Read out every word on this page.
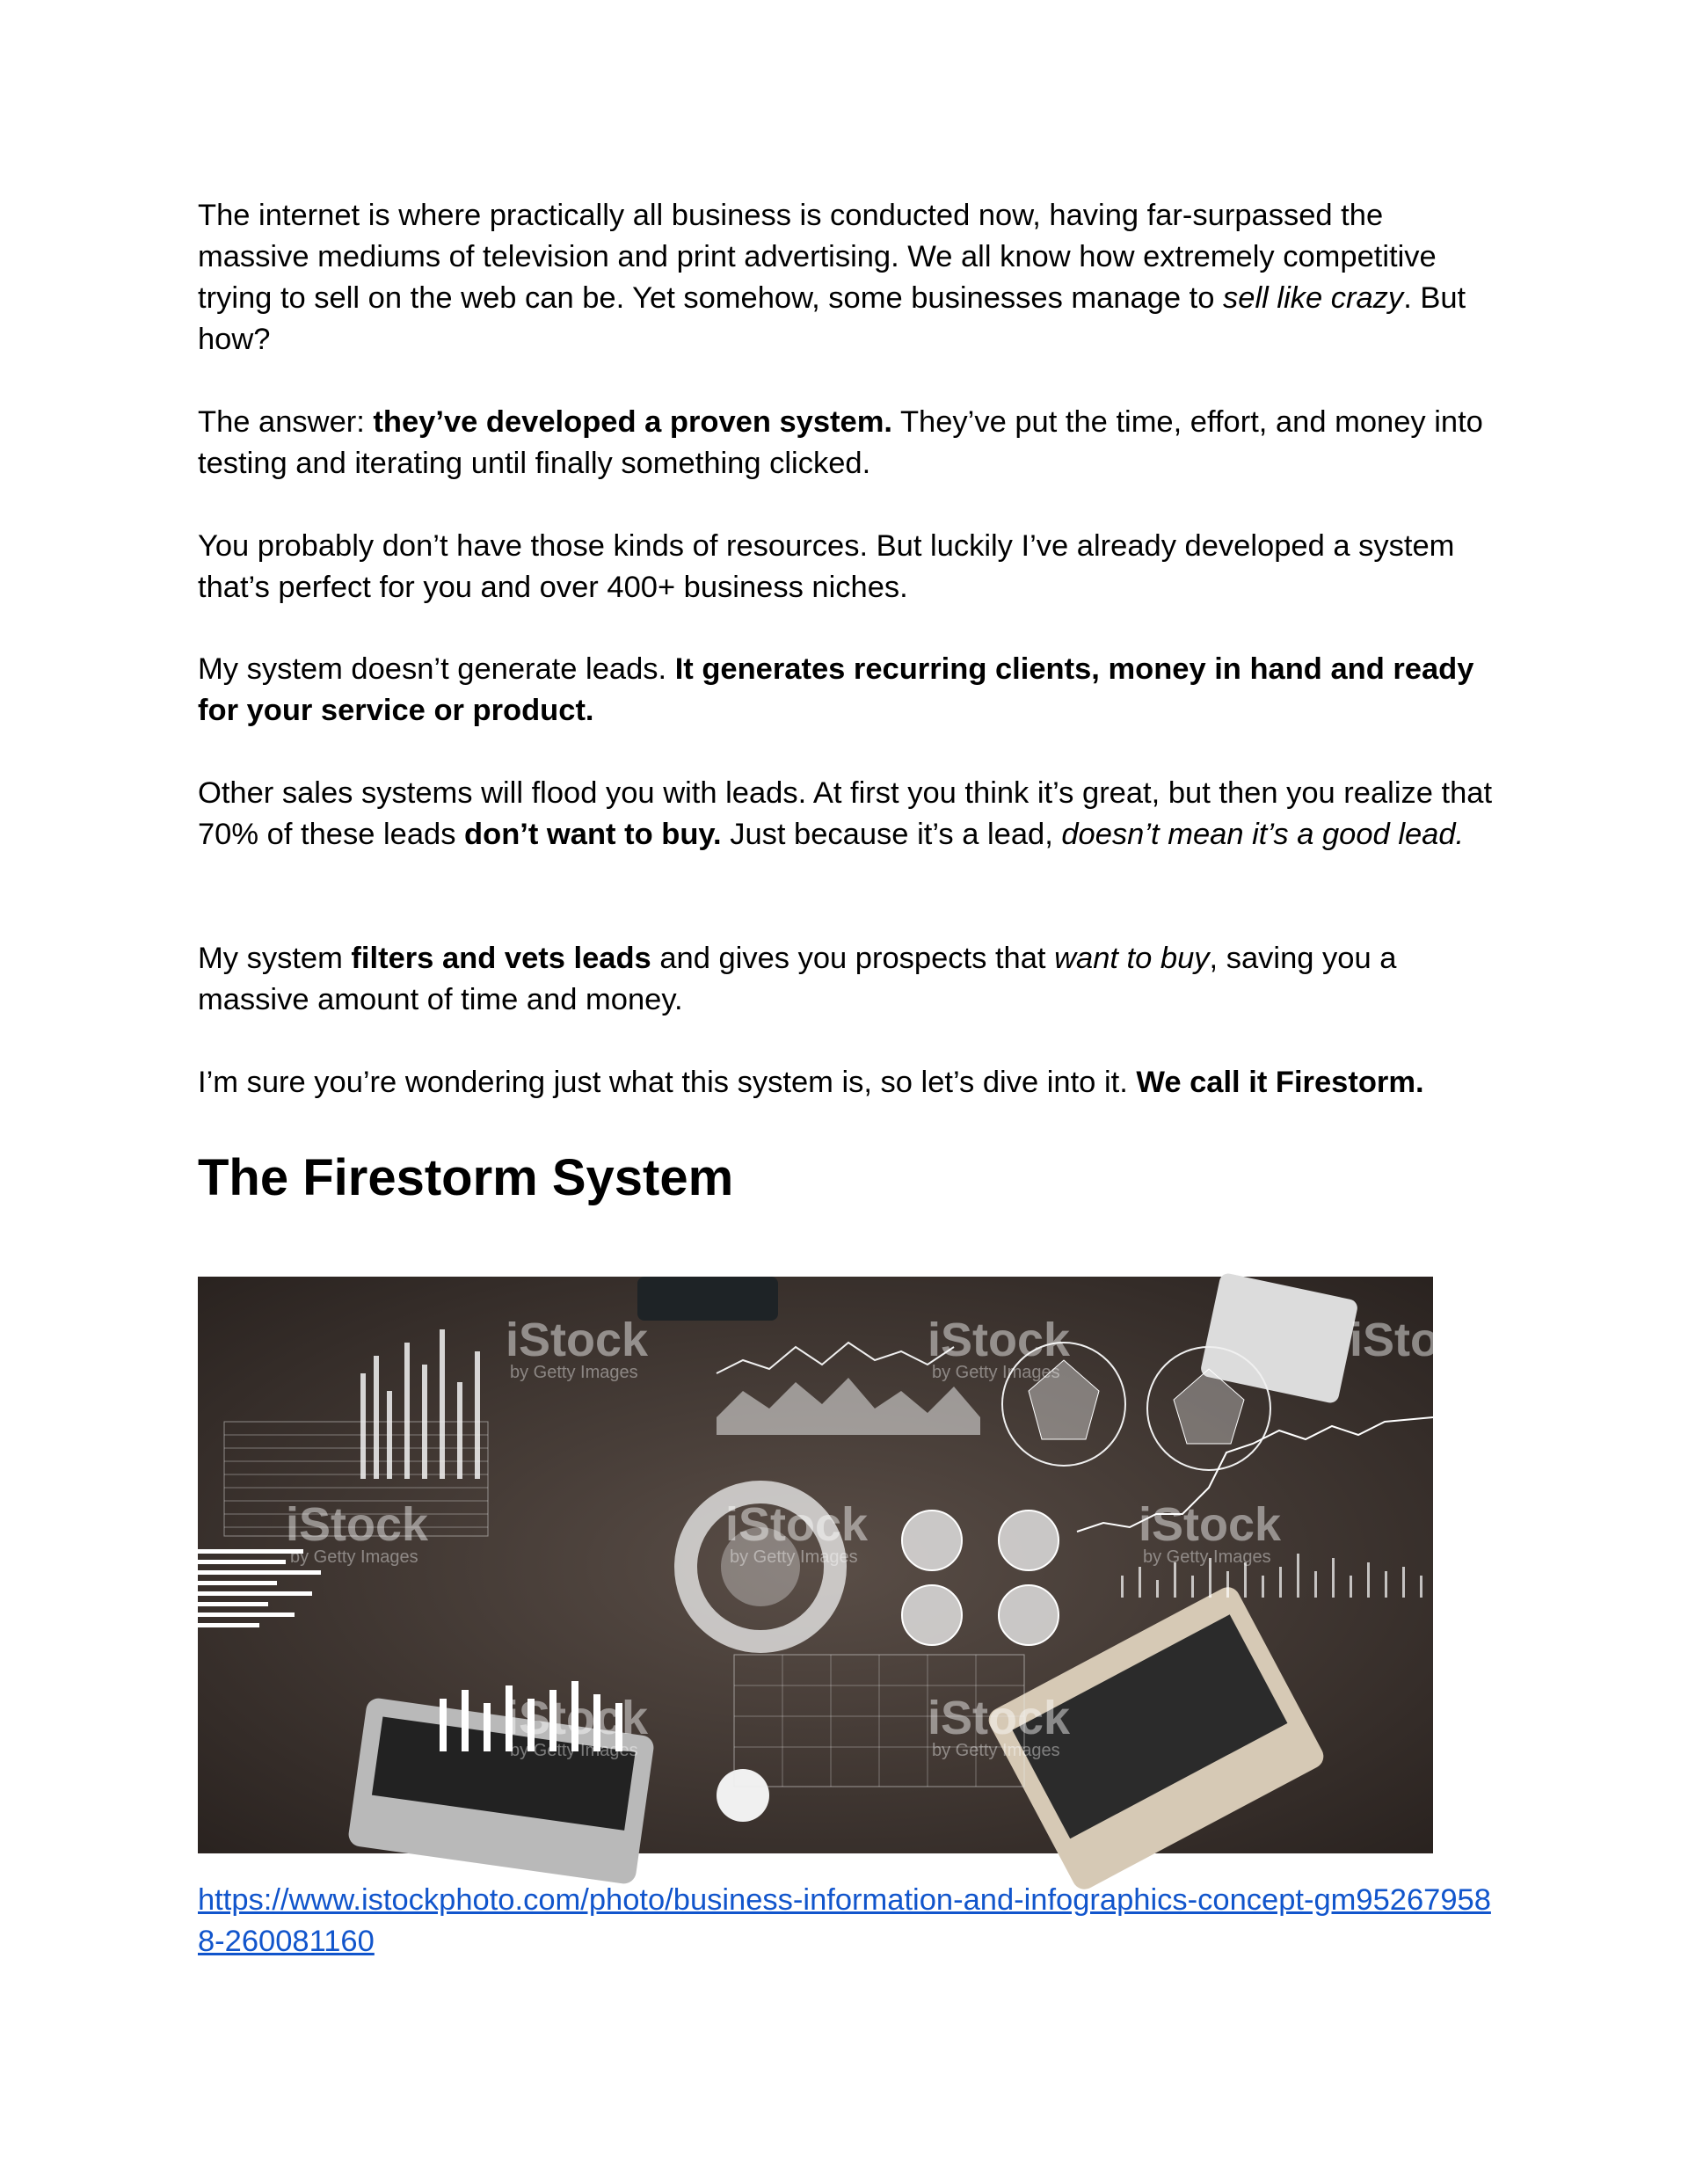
The internet is where practically all business is conducted now, having far-surpassed the massive mediums of television and print advertising. We all know how extremely competitive trying to sell on the web can be. Yet somehow, some businesses manage to sell like crazy. But how?

The answer: they’ve developed a proven system. They’ve put the time, effort, and money into testing and iterating until finally something clicked.

You probably don’t have those kinds of resources. But luckily I’ve already developed a system that’s perfect for you and over 400+ business niches.

My system doesn’t generate leads. It generates recurring clients, money in hand and ready for your service or product.

Other sales systems will flood you with leads. At first you think it’s great, but then you realize that 70% of these leads don’t want to buy. Just because it’s a lead, doesn’t mean it’s a good lead.

My system filters and vets leads and gives you prospects that want to buy, saving you a massive amount of time and money.

I’m sure you’re wondering just what this system is, so let’s dive into it. We call it Firestorm.

The Firestorm System
iStock	iStock
iStock	iStock	iStock
iStock	iStock
iStock
by Getty Images	by Getty Images
by Getty Images	by Getty Images	by Getty Images
by Getty Images	by Getty Images
https://www.istockphoto.com/photo/business-information-and-infographics-concept-gm952679588-260081160
